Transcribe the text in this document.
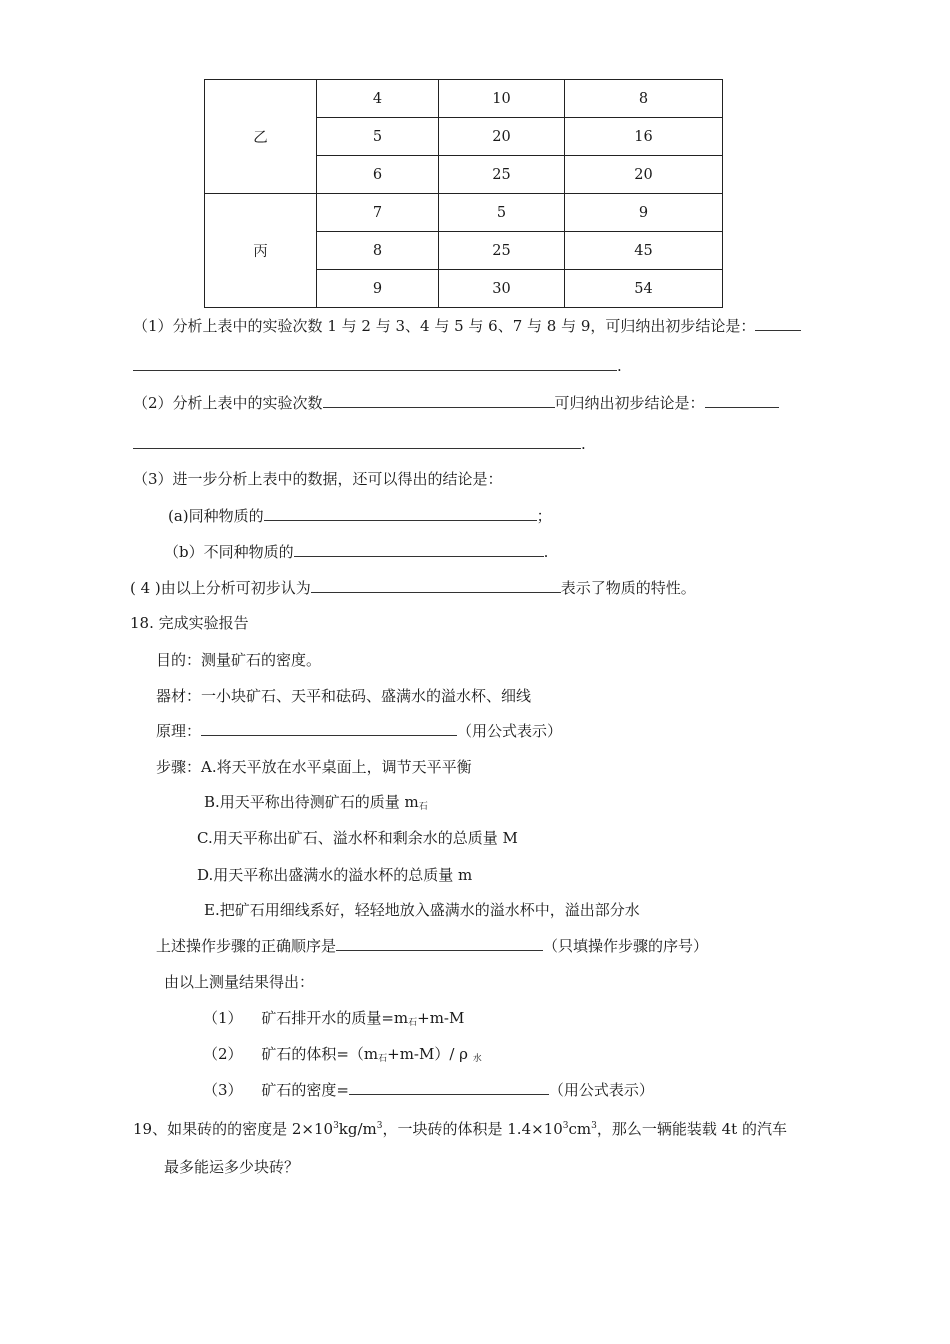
乙	4	10	8
	5	20	16
	6	25	20
丙	7	5	9
	8	25	45
	9	30	54
（1）分析上表中的实验次数 1 与 2 与 3、4 与 5 与 6、7 与 8 与 9，可归纳出初步结论是：
.
（2）分析上表中的实验次数	可归纳出初步结论是：
.
（3）进一步分析上表中的数据，还可以得出的结论是：
(a)同种物质的	；
（b）不同种物质的	.
( 4 )由以上分析可初步认为	表示了物质的特性。
18. 完成实验报告
目的：测量矿石的密度。
器材：一小块矿石、天平和砝码、盛满水的溢水杯、细线
原理：	（用公式表示）
步骤：A.将天平放在水平桌面上，调节天平平衡
B.用天平称出待测矿石的质量 $m_石$
C.用天平称出矿石、溢水杯和剩余水的总质量 M
D.用天平称出盛满水的溢水杯的总质量 m
E.把矿石用细线系好，轻轻地放入盛满水的溢水杯中，溢出部分水
上述操作步骤的正确顺序是	（只填操作步骤的序号）
由以上测量结果得出：
（1） 矿石排开水的质量$=m_石+m-M$
（2） 矿石的体积$=(m_石+m-M)/$ ρ $_水$
（3） 矿石的密度=	（用公式表示）
19、如果砖的的密度是 $2\times 10^3kg/m^3$，一块砖的体积是 $1.4\times 10^3cm^3$，那么一辆能装载 4t 的汽车
最多能运多少块砖？
